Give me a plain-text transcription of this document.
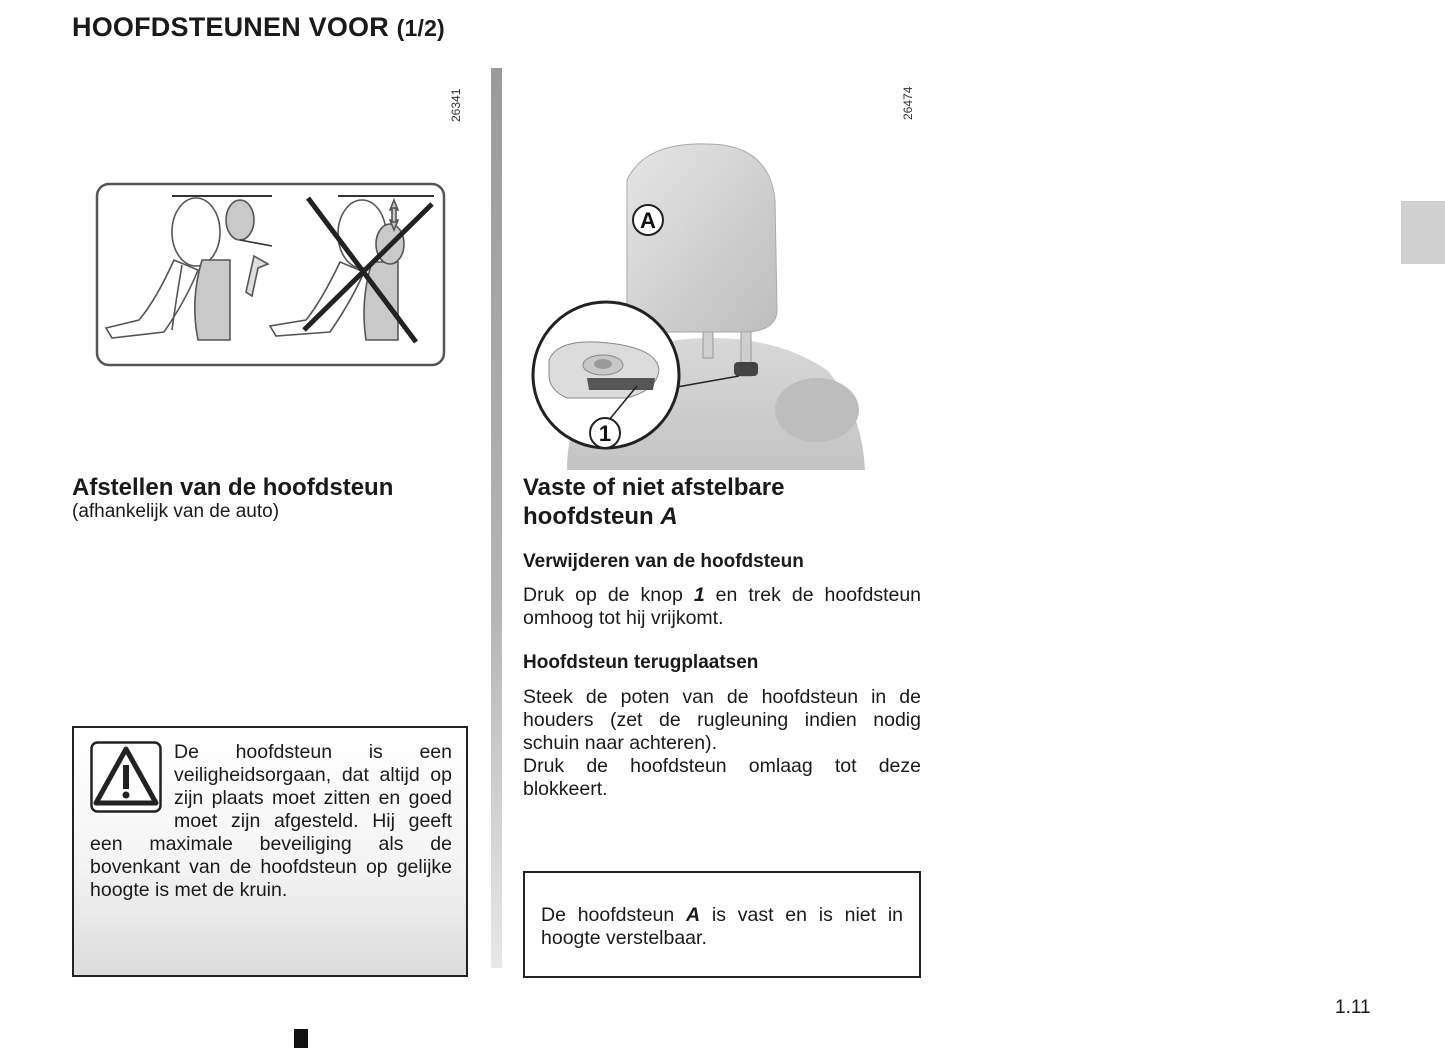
HOOFDSTEUNEN VOOR (1/2)
26341
Afstellen van de hoofdsteun
(afhankelijk van de auto)
De hoofdsteun is een veiligheidsorgaan, dat altijd op zijn plaats moet zitten en goed moet zijn afgesteld. Hij geeft een maximale beveiliging als de bovenkant van de hoofdsteun op gelijke hoogte is met de kruin.
26474
A
1
Vaste of niet afstelbare
hoofdsteun A
Verwijderen van de hoofdsteun
Druk op de knop 1 en trek de hoofdsteun omhoog tot hij vrijkomt.
Hoofdsteun terugplaatsen
Steek de poten van de hoofdsteun in de houders (zet de rugleuning indien nodig schuin naar achteren).
Druk de hoofdsteun omlaag tot deze blokkeert.
De hoofdsteun A is vast en is niet in hoogte verstelbaar.
1.11
